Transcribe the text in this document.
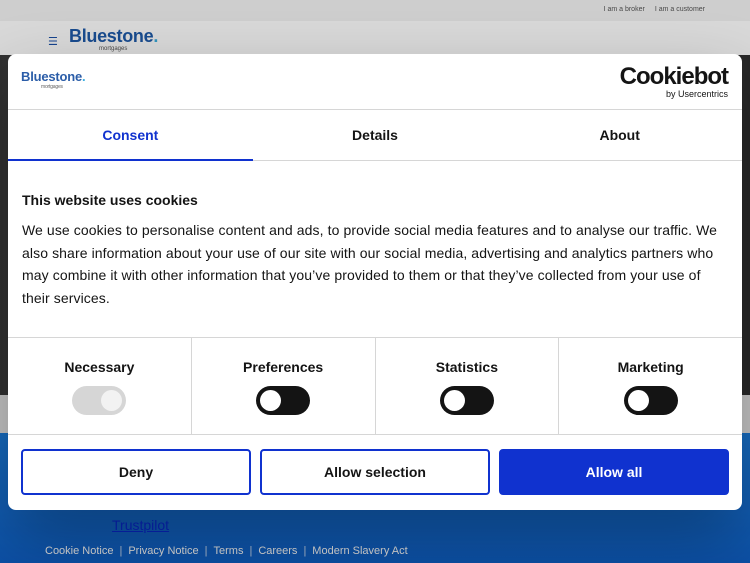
I am a broker I am a customer
☰ Bluestone.
mortgages
Trustpilot
Cookie Notice | Privacy Notice | Terms | Careers | Modern Slavery Act
Bluestone.
mortgages	Cookiebot
by Usercentrics
Consent	Details	About
This website uses cookies

We use cookies to personalise content and ads, to provide social media features and to analyse our traffic. We also share information about your use of our site with our social media, advertising and analytics partners who may combine it with other information that you’ve provided to them or that they’ve collected from your use of their services.

Necessary	Preferences	Statistics	Marketing
Deny	Allow selection	Allow all
